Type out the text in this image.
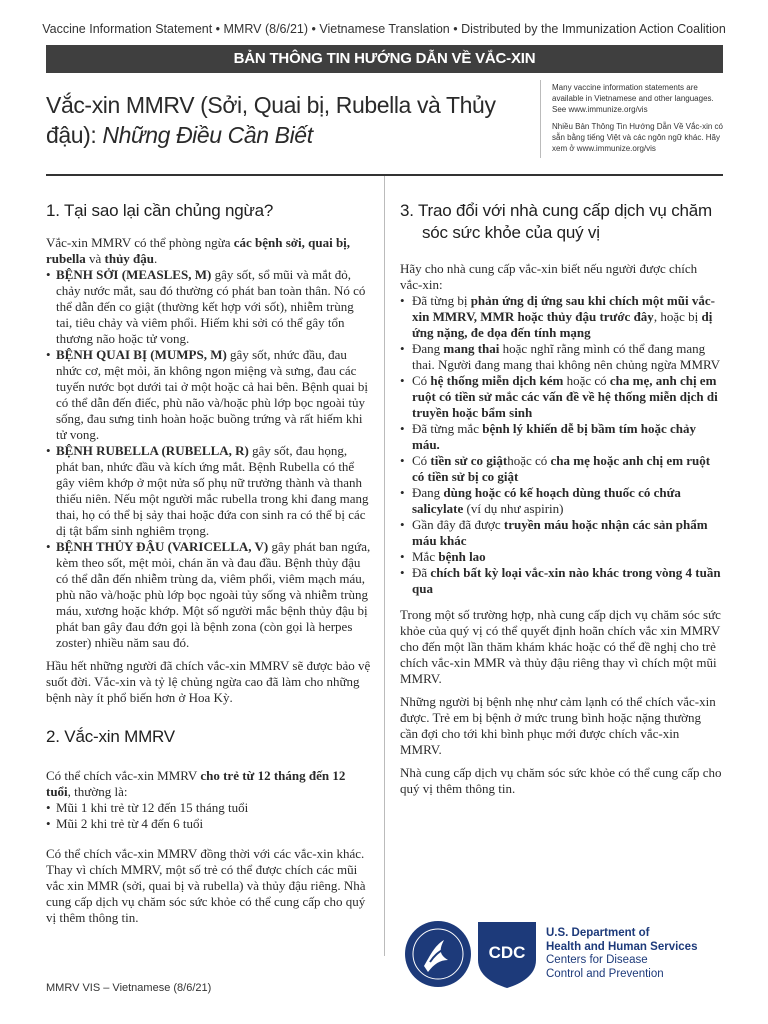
Vaccine Information Statement • MMRV (8/6/21) • Vietnamese Translation • Distributed by the Immunization Action Coalition
BẢN THÔNG TIN HƯỚNG DẪN VỀ VẮC-XIN
Vắc-xin MMRV (Sởi, Quai bị, Rubella và Thủy đậu): Những Điều Cần Biết

Many vaccine information statements are available in Vietnamese and other languages. See www.immunize.org/vis

Nhiều Bản Thông Tin Hướng Dẫn Về Vắc-xin có sẵn bằng tiếng Việt và các ngôn ngữ khác. Hãy xem ở www.immunize.org/vis

1. Tại sao lại cần chủng ngừa?

Vắc-xin MMRV có thể phòng ngừa các bệnh sởi, quai bị, rubella và thủy đậu.

• BỆNH SỞI (MEASLES, M) gây sốt, sổ mũi và mắt đỏ, chảy nước mắt, sau đó thường có phát ban toàn thân. Nó có thể dẫn đến co giật (thường kết hợp với sốt), nhiễm trùng tai, tiêu chảy và viêm phổi. Hiếm khi sởi có thể gây tổn thương não hoặc tử vong.
• BỆNH QUAI BỊ (MUMPS, M) gây sốt, nhức đầu, đau nhức cơ, mệt mỏi, ăn không ngon miệng và sưng, đau các tuyến nước bọt dưới tai ở một hoặc cả hai bên. Bệnh quai bị có thể dẫn đến điếc, phù não và/hoặc phù lớp bọc ngoài tủy sống, đau sưng tinh hoàn hoặc buồng trứng và rất hiếm khi tử vong.
• BỆNH RUBELLA (RUBELLA, R) gây sốt, đau họng, phát ban, nhức đầu và kích ứng mắt. Bệnh Rubella có thể gây viêm khớp ở một nửa số phụ nữ trưởng thành và thanh thiếu niên. Nếu một người mắc rubella trong khi đang mang thai, họ có thể bị sảy thai hoặc đứa con sinh ra có thể bị các dị tật bẩm sinh nghiêm trọng.
• BỆNH THỦY ĐẬU (VARICELLA, V) gây phát ban ngứa, kèm theo sốt, mệt mỏi, chán ăn và đau đầu. Bệnh thủy đậu có thể dẫn đến nhiễm trùng da, viêm phổi, viêm mạch máu, phù não và/hoặc phù lớp bọc ngoài tủy sống và nhiễm trùng máu, xương hoặc khớp. Một số người mắc bệnh thủy đậu bị phát ban gây đau đớn gọi là bệnh zona (còn gọi là herpes zoster) nhiều năm sau đó.

Hầu hết những người đã chích vắc-xin MMRV sẽ được bảo vệ suốt đời. Vắc-xin và tỷ lệ chủng ngừa cao đã làm cho những bệnh này ít phổ biến hơn ở Hoa Kỳ.

2. Vắc-xin MMRV

Có thể chích vắc-xin MMRV cho trẻ từ 12 tháng đến 12 tuổi, thường là:

• Mũi 1 khi trẻ từ 12 đến 15 tháng tuổi
• Mũi 2 khi trẻ từ 4 đến 6 tuổi

Có thể chích vắc-xin MMRV đồng thời với các vắc-xin khác. Thay vì chích MMRV, một số trẻ có thể được chích các mũi vắc xin MMR (sởi, quai bị và rubella) và thủy đậu riêng. Nhà cung cấp dịch vụ chăm sóc sức khỏe có thể cung cấp cho quý vị thêm thông tin.

3. Trao đổi với nhà cung cấp dịch vụ chăm sóc sức khỏe của quý vị

Hãy cho nhà cung cấp vắc-xin biết nếu người được chích vắc-xin:

• Đã từng bị phản ứng dị ứng sau khi chích một mũi vắc-xin MMRV, MMR hoặc thủy đậu trước đây, hoặc bị dị ứng nặng, đe dọa đến tính mạng
• Đang mang thai hoặc nghĩ rằng mình có thể đang mang thai. Người đang mang thai không nên chủng ngừa MMRV
• Có hệ thống miễn dịch kém hoặc có cha mẹ, anh chị em ruột có tiền sử mắc các vấn đề về hệ thống miễn dịch di truyền hoặc bẩm sinh
• Đã từng mắc bệnh lý khiến dễ bị bầm tím hoặc chảy máu.
• Có tiền sử co giậthoặc có cha mẹ hoặc anh chị em ruột có tiền sử bị co giật
• Đang dùng hoặc có kế hoạch dùng thuốc có chứa salicylate (ví dụ như aspirin)
• Gần đây đã được truyền máu hoặc nhận các sản phẩm máu khác
• Mắc bệnh lao
• Đã chích bất kỳ loại vắc-xin nào khác trong vòng 4 tuần qua

Trong một số trường hợp, nhà cung cấp dịch vụ chăm sóc sức khỏe của quý vị có thể quyết định hoãn chích vắc xin MMRV cho đến một lần thăm khám khác hoặc có thể đề nghị cho trẻ chích vắc-xin MMR và thủy đậu riêng thay vì chích một mũi MMRV.

Những người bị bệnh nhẹ như cảm lạnh có thể chích vắc-xin được. Trẻ em bị bệnh ở mức trung bình hoặc nặng thường cần đợi cho tới khi bình phục mới được chích vắc-xin MMRV.

Nhà cung cấp dịch vụ chăm sóc sức khỏe có thể cung cấp cho quý vị thêm thông tin.

MMRV VIS – Vietnamese (8/6/21)
CDC
U.S. Department of
Health and Human Services
Centers for Disease
Control and Prevention
